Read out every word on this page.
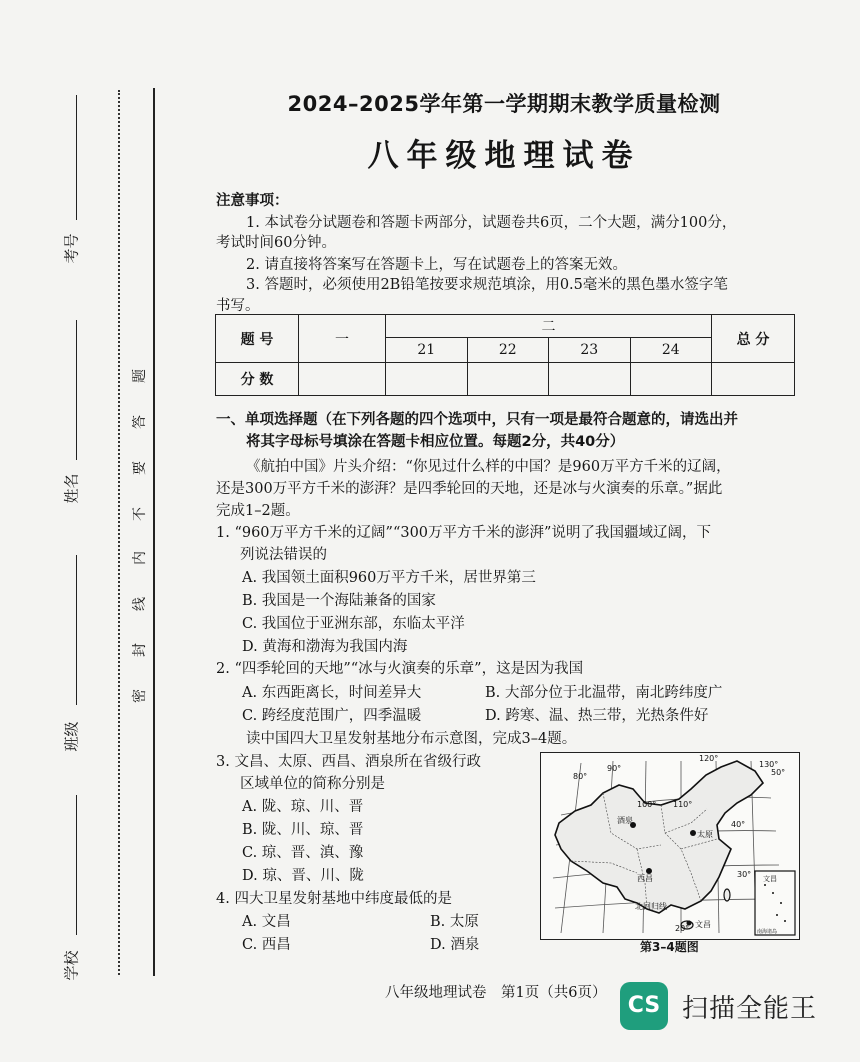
考号
姓名
班级
学校
题
答
要
不
内
线
封
密
2024–2025学年第一学期期末教学质量检测
八年级地理试卷
注意事项：
1. 本试卷分试题卷和答题卡两部分，试题卷共6页，二个大题，满分100分，
考试时间60分钟。
2. 请直接将答案写在答题卡上，写在试题卷上的答案无效。
3. 答题时，必须使用2B铅笔按要求规范填涂，用0.5毫米的黑色墨水签字笔
书写。
题 号	一	二				总 分
		21	22	23	24	
分 数						
一、单项选择题（在下列各题的四个选项中，只有一项是最符合题意的，请选出并
将其字母标号填涂在答题卡相应位置。每题2分，共40分）
《航拍中国》片头介绍：“你见过什么样的中国？是960万平方千米的辽阔，
还是300万平方千米的澎湃？是四季轮回的天地，还是冰与火演奏的乐章。”据此
完成1–2题。
1. “960万平方千米的辽阔”“300万平方千米的澎湃”说明了我国疆域辽阔，下
列说法错误的
A. 我国领土面积960万平方千米，居世界第三
B. 我国是一个海陆兼备的国家
C. 我国位于亚洲东部，东临太平洋
D. 黄海和渤海为我国内海
2. “四季轮回的天地”“冰与火演奏的乐章”，这是因为我国
A. 东西距离长，时间差异大	B. 大部分位于北温带，南北跨纬度广
C. 跨经度范围广，四季温暖	D. 跨寒、温、热三带，光热条件好
读中国四大卫星发射基地分布示意图，完成3–4题。
3. 文昌、太原、西昌、酒泉所在省级行政
区域单位的简称分别是
A. 陇、琼、川、晋
B. 陇、川、琼、晋
C. 琼、晋、滇、豫
D. 琼、晋、川、陇
4. 四大卫星发射基地中纬度最低的是
A. 文昌	B. 太原
C. 西昌	D. 酒泉
80°
90°
100° 110°
120°
130°
50°
40°
30°
20°
酒泉
太原
西昌
北回归线
文昌
文昌
南海诸岛
第3–4题图
八年级地理试卷　第1页（共6页） CS 扫描全能王
